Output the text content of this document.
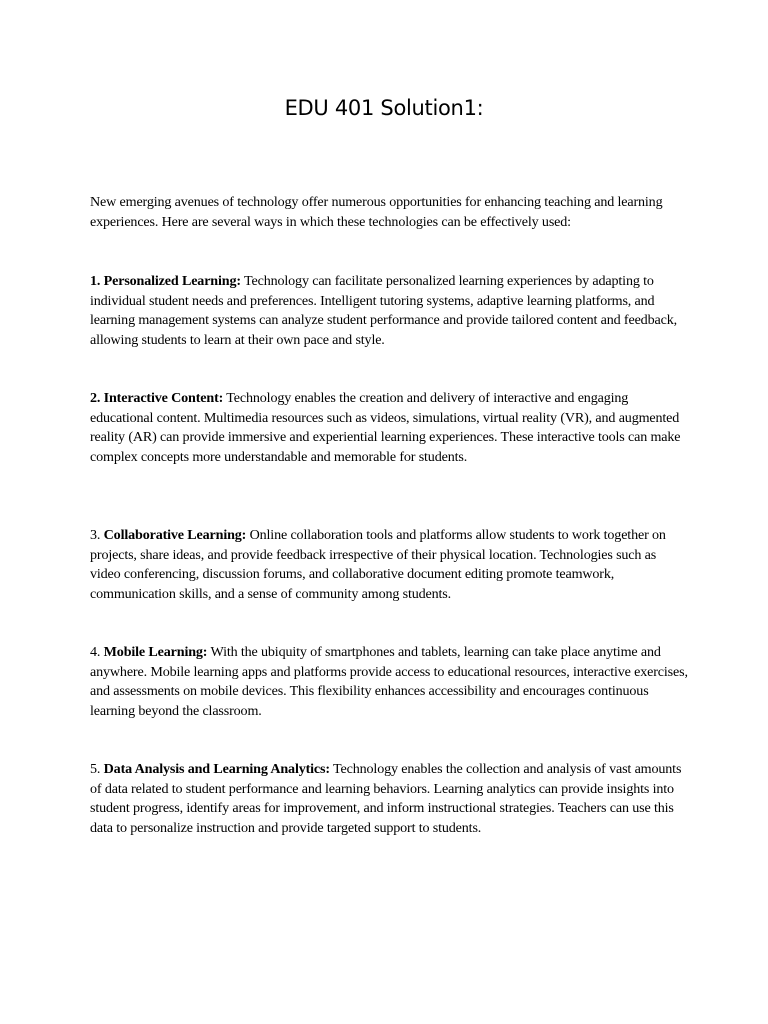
EDU 401 Solution1:

New emerging avenues of technology offer numerous opportunities for enhancing teaching and learning experiences. Here are several ways in which these technologies can be effectively used:

1. Personalized Learning: Technology can facilitate personalized learning experiences by adapting to individual student needs and preferences. Intelligent tutoring systems, adaptive learning platforms, and learning management systems can analyze student performance and provide tailored content and feedback, allowing students to learn at their own pace and style.

2. Interactive Content: Technology enables the creation and delivery of interactive and engaging educational content. Multimedia resources such as videos, simulations, virtual reality (VR), and augmented reality (AR) can provide immersive and experiential learning experiences. These interactive tools can make complex concepts more understandable and memorable for students.

3. Collaborative Learning: Online collaboration tools and platforms allow students to work together on projects, share ideas, and provide feedback irrespective of their physical location. Technologies such as video conferencing, discussion forums, and collaborative document editing promote teamwork, communication skills, and a sense of community among students.

4. Mobile Learning: With the ubiquity of smartphones and tablets, learning can take place anytime and anywhere. Mobile learning apps and platforms provide access to educational resources, interactive exercises, and assessments on mobile devices. This flexibility enhances accessibility and encourages continuous learning beyond the classroom.

5. Data Analysis and Learning Analytics: Technology enables the collection and analysis of vast amounts of data related to student performance and learning behaviors. Learning analytics can provide insights into student progress, identify areas for improvement, and inform instructional strategies. Teachers can use this data to personalize instruction and provide targeted support to students.
